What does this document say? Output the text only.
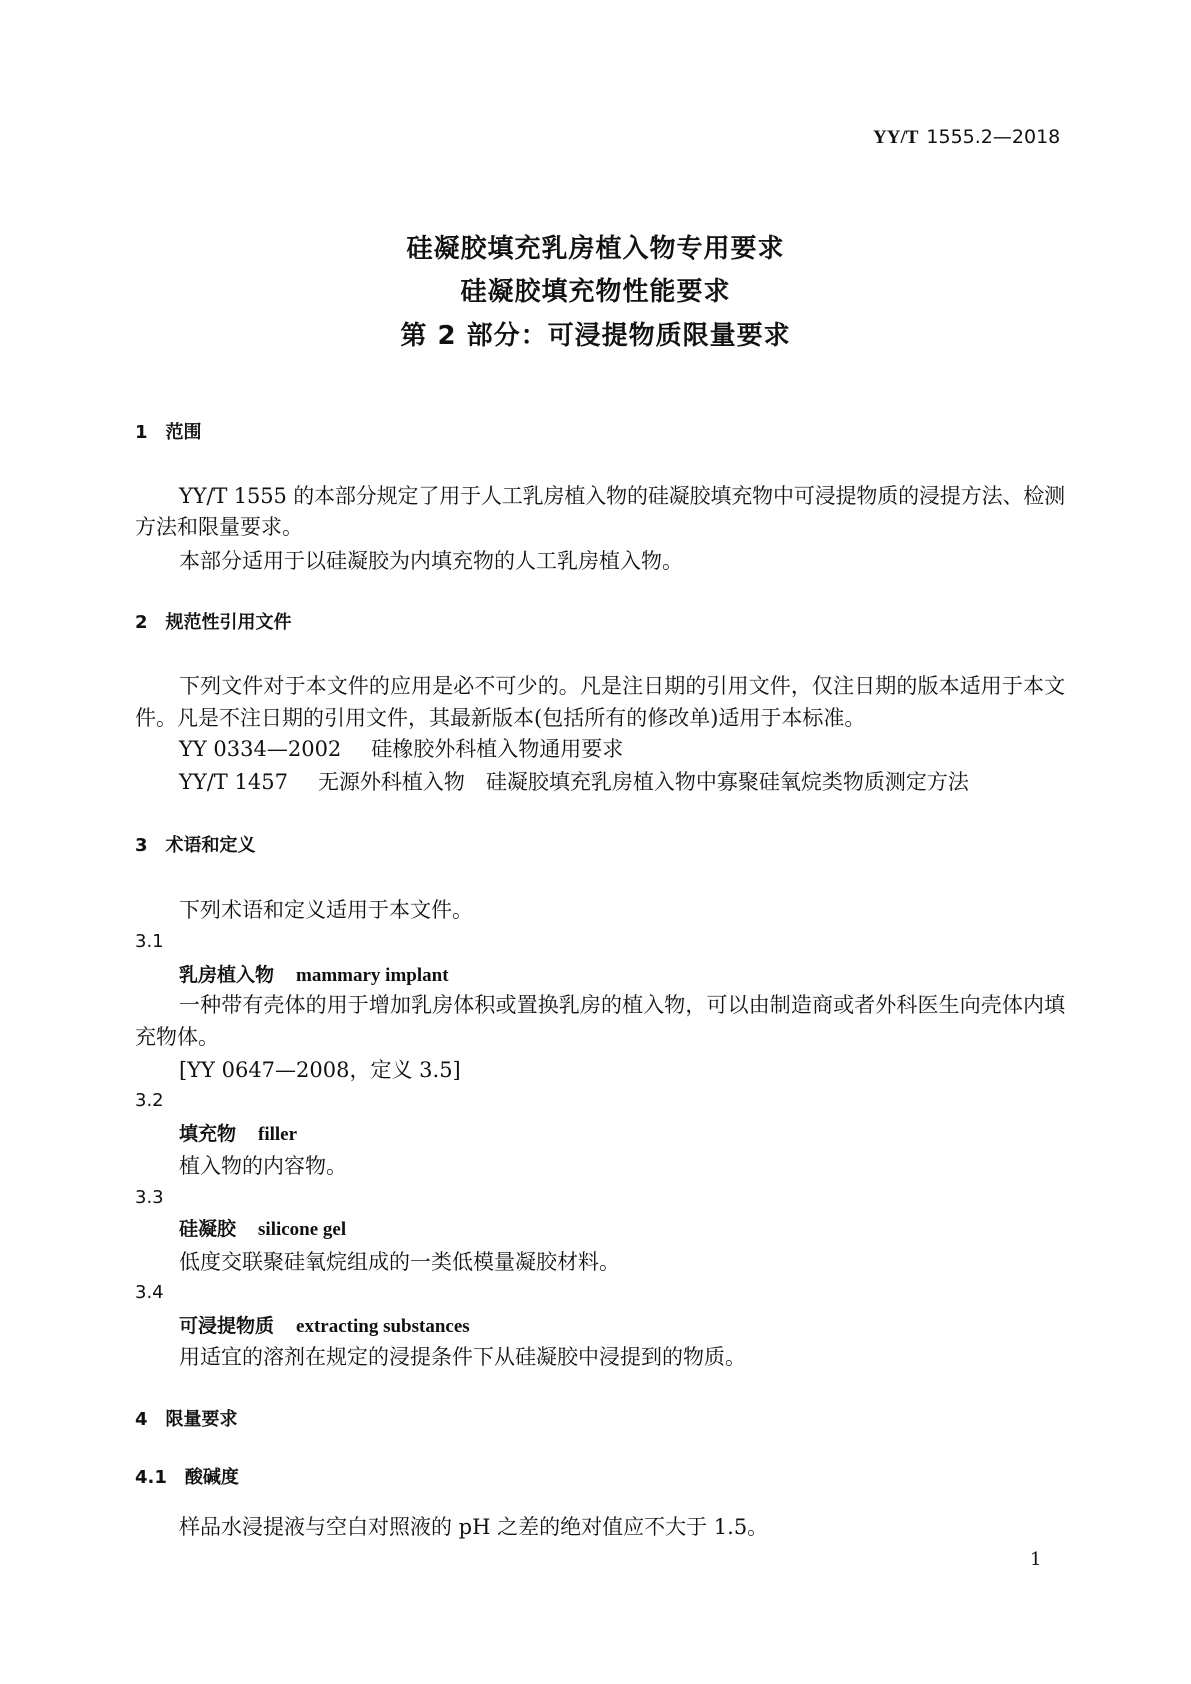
YY/T 1555.2—2018
硅凝胶填充乳房植入物专用要求
硅凝胶填充物性能要求
第 2 部分：可浸提物质限量要求
1　范围
YY/T 1555 的本部分规定了用于人工乳房植入物的硅凝胶填充物中可浸提物质的浸提方法、检测
方法和限量要求。
本部分适用于以硅凝胶为内填充物的人工乳房植入物。
2　规范性引用文件
下列文件对于本文件的应用是必不可少的。凡是注日期的引用文件，仅注日期的版本适用于本文
件。凡是不注日期的引用文件，其最新版本(包括所有的修改单)适用于本标准。
YY 0334—2002 硅橡胶外科植入物通用要求
YY/T 1457 无源外科植入物　硅凝胶填充乳房植入物中寡聚硅氧烷类物质测定方法
3　术语和定义
下列术语和定义适用于本文件。
3.1
乳房植入物 mammary implant
一种带有壳体的用于增加乳房体积或置换乳房的植入物，可以由制造商或者外科医生向壳体内填
充物体。
[YY 0647—2008，定义 3.5]
3.2
填充物 filler
植入物的内容物。
3.3
硅凝胶 silicone gel
低度交联聚硅氧烷组成的一类低模量凝胶材料。
3.4
可浸提物质 extracting substances
用适宜的溶剂在规定的浸提条件下从硅凝胶中浸提到的物质。
4　限量要求
4.1　酸碱度
样品水浸提液与空白对照液的 pH 之差的绝对值应不大于 1.5。
1
